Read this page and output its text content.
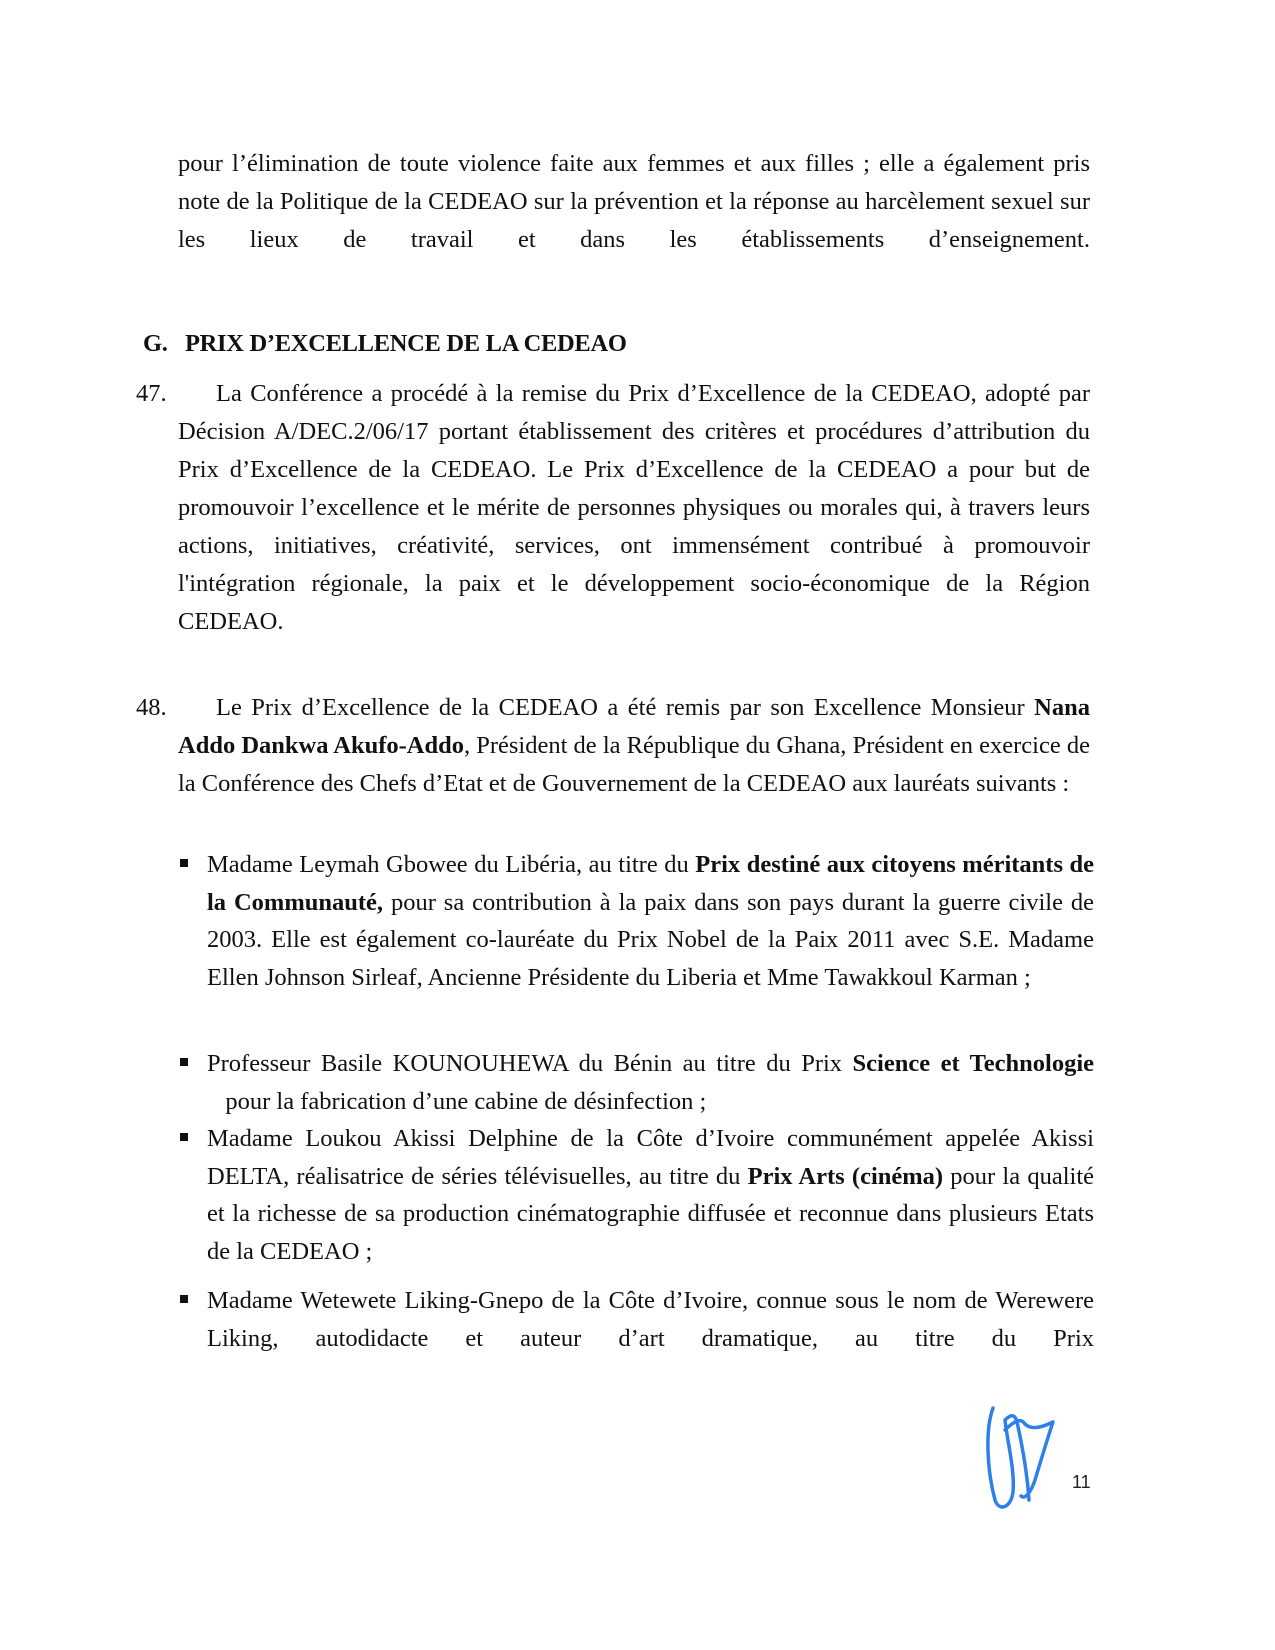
pour l’élimination de toute violence faite aux femmes et aux filles ; elle a également pris note de la Politique de la CEDEAO sur la prévention et la réponse au harcèlement sexuel sur les lieux de travail et dans les établissements d’enseignement.
G. PRIX D’EXCELLENCE DE LA CEDEAO
47.	La Conférence a procédé à la remise du Prix d’Excellence de la CEDEAO, adopté par Décision A/DEC.2/06/17 portant établissement des critères et procédures d’attribution du Prix d’Excellence de la CEDEAO. Le Prix d’Excellence de la CEDEAO a pour but de promouvoir l’excellence et le mérite de personnes physiques ou morales qui, à travers leurs actions, initiatives, créativité, services, ont immensément contribué à promouvoir l'intégration régionale, la paix et le développement socio-économique de la Région CEDEAO.
48.	Le Prix d’Excellence de la CEDEAO a été remis par son Excellence Monsieur Nana Addo Dankwa Akufo-Addo, Président de la République du Ghana, Président en exercice de la Conférence des Chefs d’Etat et de Gouvernement de la CEDEAO aux lauréats suivants :
Madame Leymah Gbowee du Libéria, au titre du Prix destiné aux citoyens méritants de la Communauté, pour sa contribution à la paix dans son pays durant la guerre civile de 2003. Elle est également co-lauréate du Prix Nobel de la Paix 2011 avec S.E. Madame Ellen Johnson Sirleaf, Ancienne Présidente du Liberia et Mme Tawakkoul Karman ;
Professeur Basile KOUNOUHEWA du Bénin au titre du Prix Science et Technologie   pour la fabrication d’une cabine de désinfection ;
Madame Loukou Akissi Delphine de la Côte d’Ivoire communément appelée Akissi DELTA, réalisatrice de séries télévisuelles, au titre du Prix Arts (cinéma) pour la qualité et la richesse de sa production cinématographie diffusée et reconnue dans plusieurs Etats de la CEDEAO ;
Madame Wetewete Liking-Gnepo de la Côte d’Ivoire, connue sous le nom de Werewere Liking, autodidacte et auteur d’art dramatique, au titre du Prix
11
